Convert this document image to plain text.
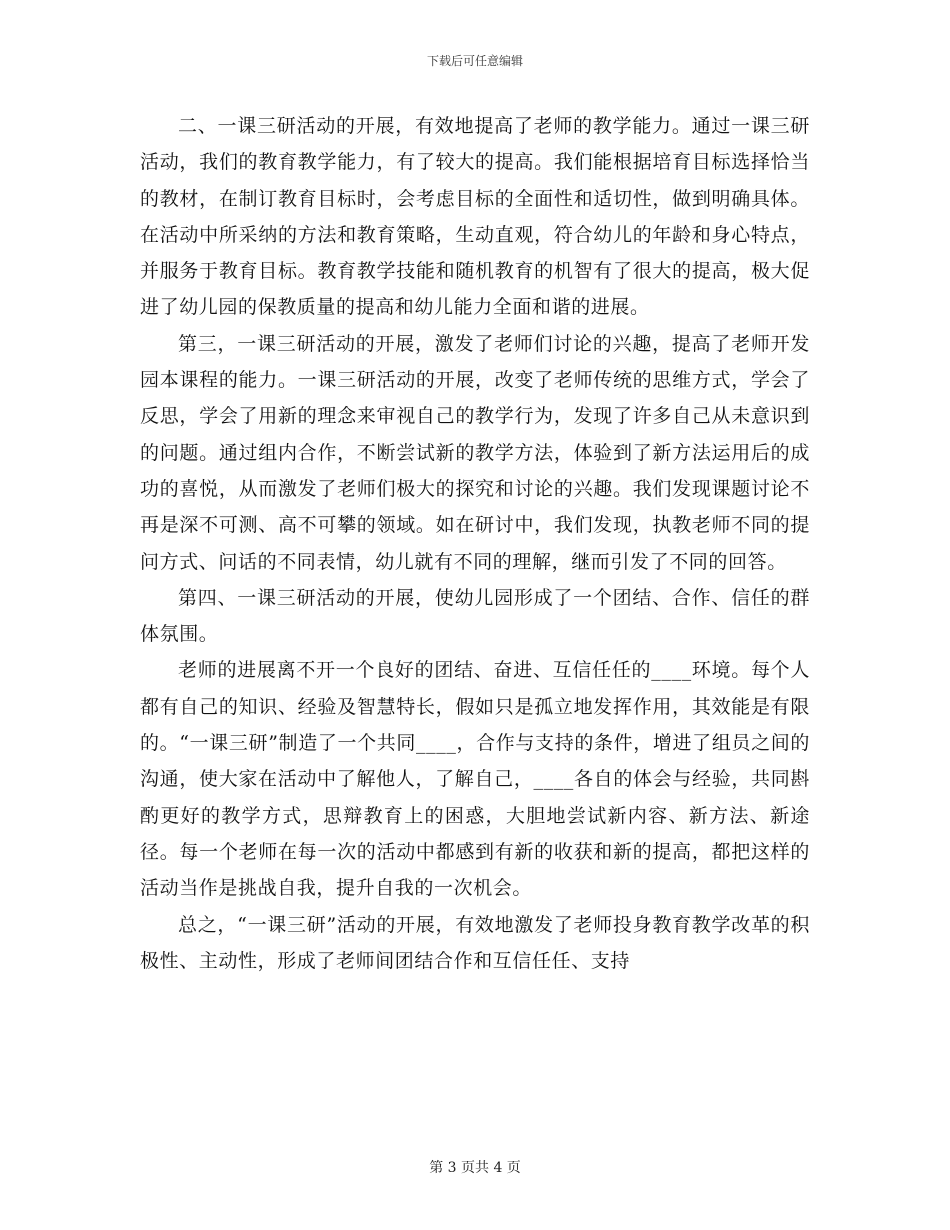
下载后可任意编辑

二、一课三研活动的开展，有效地提高了老师的教学能力。通过一课三研活动，我们的教育教学能力，有了较大的提高。我们能根据培育目标选择恰当的教材，在制订教育目标时，会考虑目标的全面性和适切性，做到明确具体。在活动中所采纳的方法和教育策略，生动直观，符合幼儿的年龄和身心特点，并服务于教育目标。教育教学技能和随机教育的机智有了很大的提高，极大促进了幼儿园的保教质量的提高和幼儿能力全面和谐的进展。

第三，一课三研活动的开展，激发了老师们讨论的兴趣，提高了老师开发园本课程的能力。一课三研活动的开展，改变了老师传统的思维方式，学会了反思，学会了用新的理念来审视自己的教学行为，发现了许多自己从未意识到的问题。通过组内合作，不断尝试新的教学方法，体验到了新方法运用后的成功的喜悦，从而激发了老师们极大的探究和讨论的兴趣。我们发现课题讨论不再是深不可测、高不可攀的领域。如在研讨中，我们发现，执教老师不同的提问方式、问话的不同表情，幼儿就有不同的理解，继而引发了不同的回答。

第四、一课三研活动的开展，使幼儿园形成了一个团结、合作、信任的群体氛围。

老师的进展离不开一个良好的团结、奋进、互信任任的____环境。每个人都有自己的知识、经验及智慧特长，假如只是孤立地发挥作用，其效能是有限的。“一课三研”制造了一个共同____，合作与支持的条件，增进了组员之间的沟通，使大家在活动中了解他人，了解自己，____各自的体会与经验，共同斟酌更好的教学方式，思辩教育上的困惑，大胆地尝试新内容、新方法、新途径。每一个老师在每一次的活动中都感到有新的收获和新的提高，都把这样的活动当作是挑战自我，提升自我的一次机会。

总之，“一课三研”活动的开展，有效地激发了老师投身教育教学改革的积极性、主动性，形成了老师间团结合作和互信任任、支持

第 3 页共 4 页
